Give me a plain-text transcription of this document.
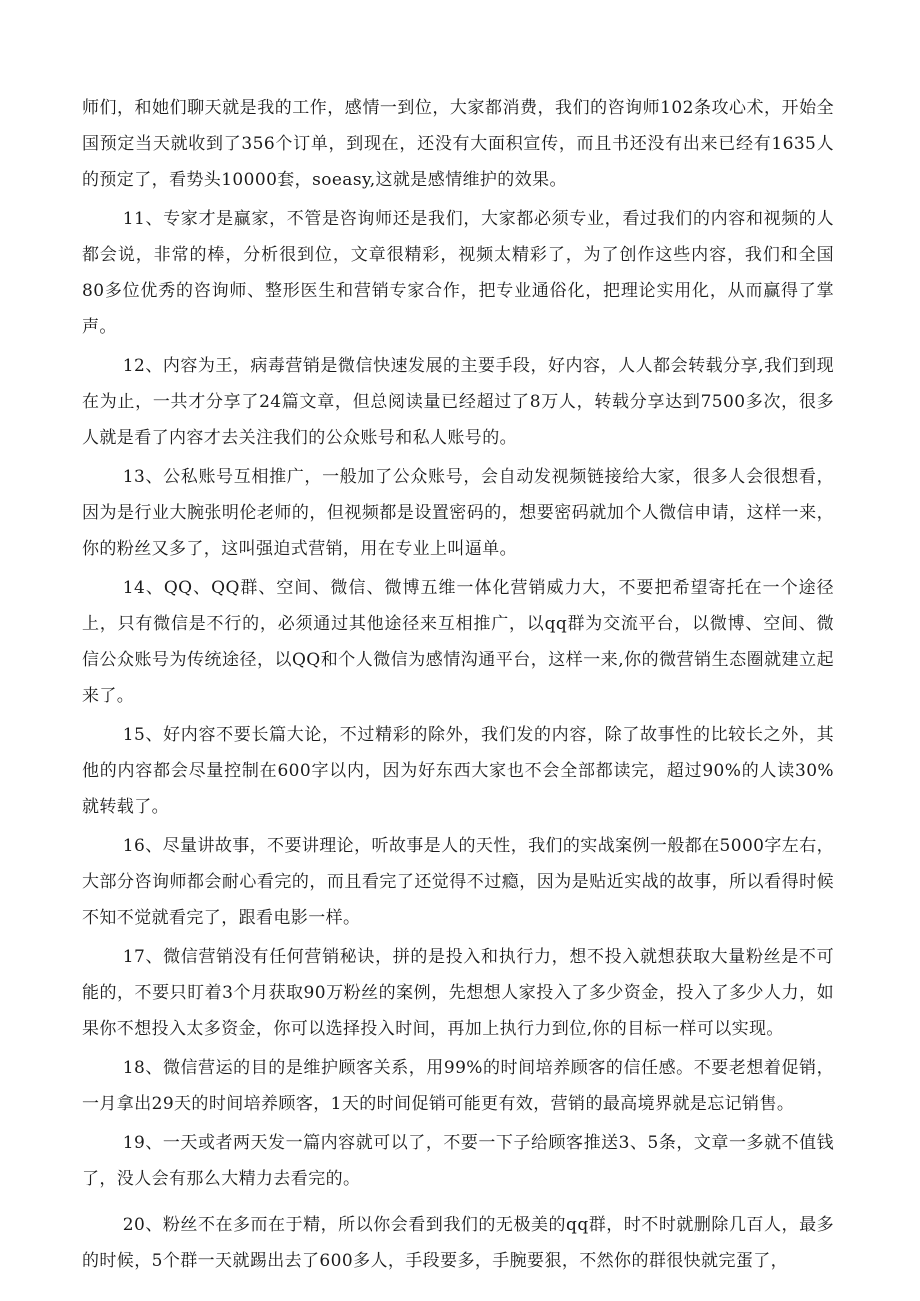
师们，和她们聊天就是我的工作，感情一到位，大家都消费，我们的咨询师102条攻心术，开始全国预定当天就收到了356个订单，到现在，还没有大面积宣传，而且书还没有出来已经有1635人的预定了，看势头10000套，soeasy,这就是感情维护的效果。

11、专家才是赢家，不管是咨询师还是我们，大家都必须专业，看过我们的内容和视频的人都会说，非常的棒，分析很到位，文章很精彩，视频太精彩了，为了创作这些内容，我们和全国80多位优秀的咨询师、整形医生和营销专家合作，把专业通俗化，把理论实用化，从而赢得了掌声。

12、内容为王，病毒营销是微信快速发展的主要手段，好内容，人人都会转载分享,我们到现在为止，一共才分享了24篇文章，但总阅读量已经超过了8万人，转载分享达到7500多次，很多人就是看了内容才去关注我们的公众账号和私人账号的。

13、公私账号互相推广，一般加了公众账号，会自动发视频链接给大家，很多人会很想看，因为是行业大腕张明伦老师的，但视频都是设置密码的，想要密码就加个人微信申请，这样一来，你的粉丝又多了，这叫强迫式营销，用在专业上叫逼单。

14、QQ、QQ群、空间、微信、微博五维一体化营销威力大，不要把希望寄托在一个途径上，只有微信是不行的，必须通过其他途径来互相推广，以qq群为交流平台，以微博、空间、微信公众账号为传统途径，以QQ和个人微信为感情沟通平台，这样一来,你的微营销生态圈就建立起来了。

15、好内容不要长篇大论，不过精彩的除外，我们发的内容，除了故事性的比较长之外，其他的内容都会尽量控制在600字以内，因为好东西大家也不会全部都读完，超过90%的人读30%就转载了。

16、尽量讲故事，不要讲理论，听故事是人的天性，我们的实战案例一般都在5000字左右，大部分咨询师都会耐心看完的，而且看完了还觉得不过瘾，因为是贴近实战的故事，所以看得时候不知不觉就看完了，跟看电影一样。

17、微信营销没有任何营销秘诀，拼的是投入和执行力，想不投入就想获取大量粉丝是不可能的，不要只盯着3个月获取90万粉丝的案例，先想想人家投入了多少资金，投入了多少人力，如果你不想投入太多资金，你可以选择投入时间，再加上执行力到位,你的目标一样可以实现。

18、微信营运的目的是维护顾客关系，用99%的时间培养顾客的信任感。不要老想着促销，一月拿出29天的时间培养顾客，1天的时间促销可能更有效，营销的最高境界就是忘记销售。

19、一天或者两天发一篇内容就可以了，不要一下子给顾客推送3、5条，文章一多就不值钱了，没人会有那么大精力去看完的。

20、粉丝不在多而在于精，所以你会看到我们的无极美的qq群，时不时就删除几百人，最多的时候，5个群一天就踢出去了600多人，手段要多，手腕要狠，不然你的群很快就完蛋了，
